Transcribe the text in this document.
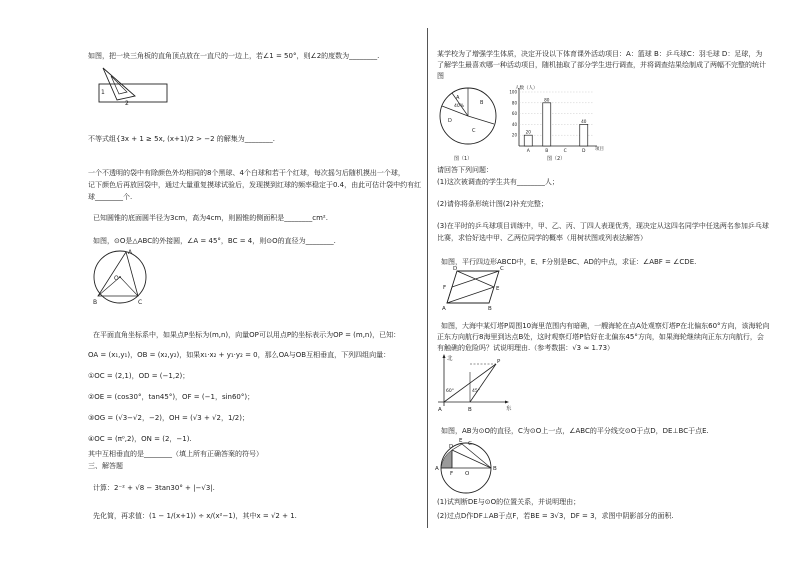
如图，把一块三角板的直角顶点放在一直尺的一边上，若∠1 = 50°，则∠2的度数为________.
1
2
不等式组{3x + 1 ≥ 5x, (x+1)/2 > −2 的解集为________.
一个不透明的袋中有除颜色外均相同的8个黑球、4个白球和若干个红球，每次摇匀后随机摸出一个球，
记下颜色后再放回袋中，通过大量重复摸球试验后，发现摸到红球的频率稳定于0.4，由此可估计袋中约有红
球________个.
已知圆锥的底面圆半径为3cm，高为4cm，则圆锥的侧面积是________cm².
如图，⊙O是△ABC的外接圆，∠A = 45°，BC = 4，则⊙O的直径为________.
A
O
B	C
在平面直角坐标系中，如果点P坐标为(m,n)，向量OP可以用点P的坐标表示为OP = (m,n)，已知：
OA = (x₁,y₁)，OB = (x₂,y₂)，如果x₁·x₂ + y₁·y₂ = 0，那么OA与OB互相垂直，下列四组向量：
①OC = (2,1)，OD = (−1,2)；
②OE = (cos30°，tan45°)，OF = (−1，sin60°)；
③OG = (√3−√2，−2)，OH = (√3 + √2，1/2)；
④OC = (π⁰,2)，ON = (2，−1).
其中互相垂直的是________（填上所有正确答案的符号）
三、解答题
计算：2⁻² + √8 − 3tan30° + |−√3|.
先化简，再求值：(1 − 1/(x+1)) ÷ x/(x²−1)，其中x = √2 + 1.
某学校为了增强学生体质，决定开设以下体育课外活动项目：A：篮球 B：乒乓球C：羽毛球 D：足球，为
了解学生最喜欢哪一种活动项目，随机抽取了部分学生进行调查，并将调查结果绘制成了两幅不完整的统计
图
A
40%
B
D
C
图（1）
人数（人）
项目
图（2）
20
40
60
80
100
20
A
80
B	C
40
D
请回答下列问题：
(1)这次被调查的学生共有________人；
(2)请你将条形统计图(2)补充完整；
(3)在平时的乒乓球项目训练中，甲、乙、丙、丁四人表现优秀，现决定从这四名同学中任选两名参加乒乓球
比赛，求恰好选中甲、乙两位同学的概率（用树状图或列表法解答）
如图，平行四边形ABCD中，E、F分别是BC、AD的中点，求证：∠ABF = ∠CDE.
D	C
F	E
A	B
如图，大海中某灯塔P周围10海里范围内有暗礁，一艘海轮在点A处观察灯塔P在北偏东60°方向，该海轮向
正东方向航行8海里到达点B处，这时观察灯塔P恰好在北偏东45°方向，如果海轮继续向正东方向航行，会
有触礁的危险吗？试说明理由.（参考数据：√3 ≈ 1.73）
北
东
A	B
P
60°	45°
如图，AB为⊙O的直径，C为⊙O上一点，∠ABC的平分线交⊙O于点D，DE⊥BC于点E.
E
D	C
A	B
F O
(1)试判断DE与⊙O的位置关系，并说明理由；
(2)过点D作DF⊥AB于点F，若BE = 3√3，DF = 3，求图中阴影部分的面积.
